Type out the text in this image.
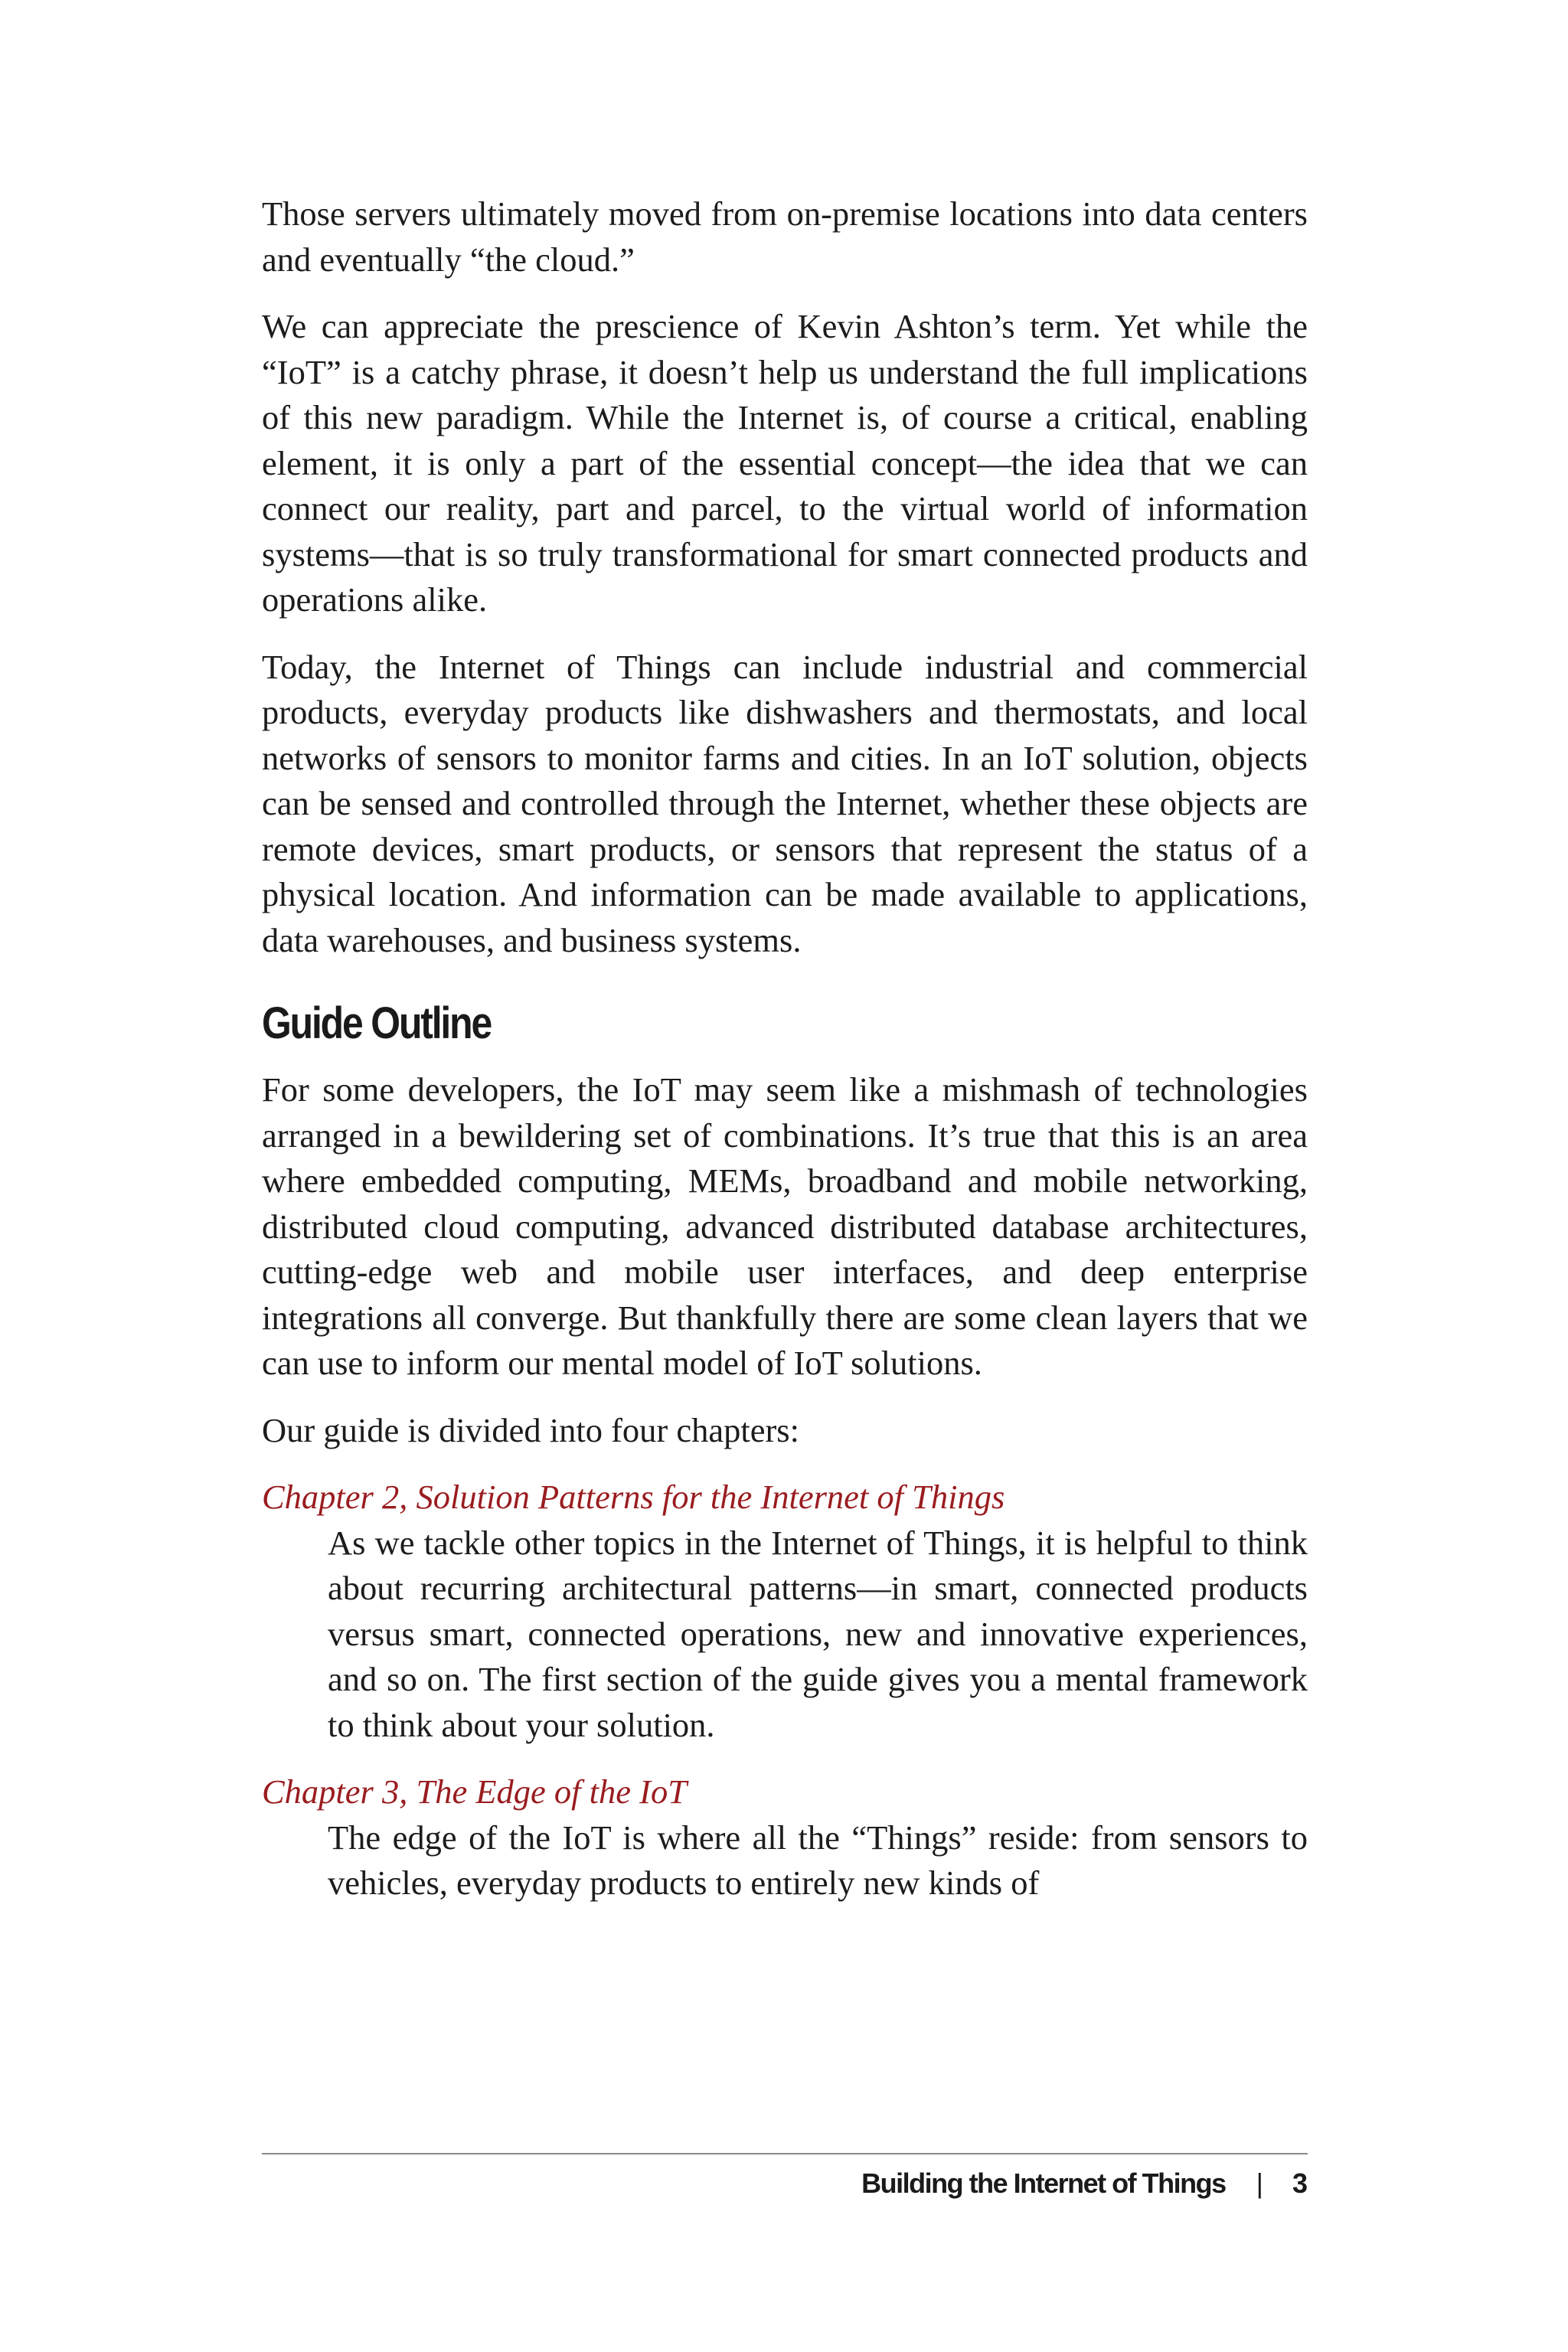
Those servers ultimately moved from on-premise locations into data centers and eventually “the cloud.”

We can appreciate the prescience of Kevin Ashton’s term. Yet while the “IoT” is a catchy phrase, it doesn’t help us understand the full implications of this new paradigm. While the Internet is, of course a critical, enabling element, it is only a part of the essential concept—the idea that we can connect our reality, part and parcel, to the virtual world of information systems—that is so truly transformational for smart connected products and operations alike.

Today, the Internet of Things can include industrial and commercial products, everyday products like dishwashers and thermostats, and local networks of sensors to monitor farms and cities. In an IoT solution, objects can be sensed and controlled through the Internet, whether these objects are remote devices, smart products, or sensors that represent the status of a physical location. And information can be made available to applications, data warehouses, and business systems.

Guide Outline

For some developers, the IoT may seem like a mishmash of technologies arranged in a bewildering set of combinations. It’s true that this is an area where embedded computing, MEMs, broadband and mobile networking, distributed cloud computing, advanced distributed database architectures, cutting-edge web and mobile user interfaces, and deep enterprise integrations all converge. But thankfully there are some clean layers that we can use to inform our mental model of IoT solutions.

Our guide is divided into four chapters:

Chapter 2, Solution Patterns for the Internet of Things

As we tackle other topics in the Internet of Things, it is helpful to think about recurring architectural patterns—in smart, connected products versus smart, connected operations, new and innovative experiences, and so on. The first section of the guide gives you a mental framework to think about your solution.

Chapter 3, The Edge of the IoT

The edge of the IoT is where all the “Things” reside: from sensors to vehicles, everyday products to entirely new kinds of

Building the Internet of Things | 3
